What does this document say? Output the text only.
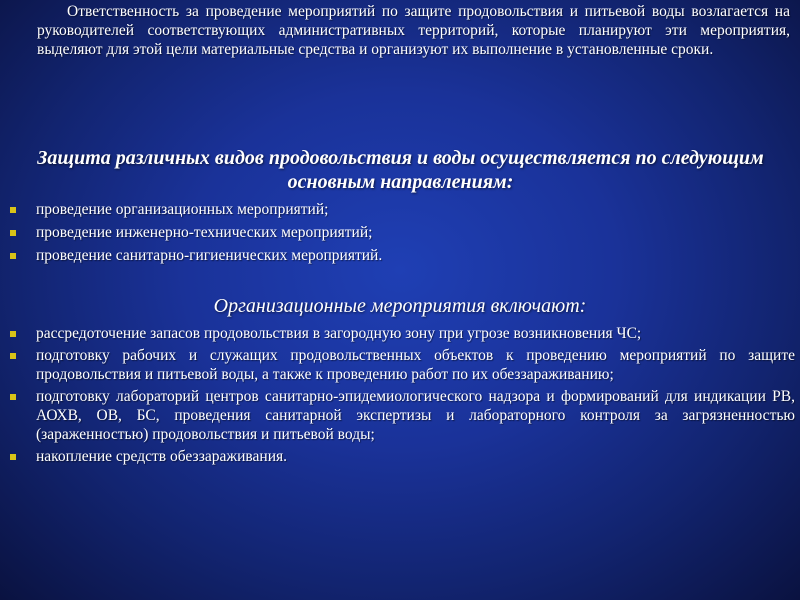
Ответственность за проведение мероприятий по защите продовольствия и питьевой воды возлагается на руководителей соответствующих административных территорий, которые планируют эти мероприятия, выделяют для этой цели материальные средства и организуют их выполнение в установленные сроки.

Защита различных видов продовольствия и воды осуществляется по следующим основным направлениям:

проведение организационных мероприятий;
проведение инженерно-технических мероприятий;
проведение санитарно-гигиенических мероприятий.

Организационные мероприятия включают:

рассредоточение запасов продовольствия в загородную зону при угрозе возникновения ЧС;
подготовку рабочих и служащих продовольственных объектов к проведению мероприятий по защите продовольствия и питьевой воды, а также к проведению работ по их обеззараживанию;
подготовку лабораторий центров санитарно-эпидемиологического надзора и формирований для индикации РВ, АОХВ, ОВ, БС, проведения санитарной экспертизы и лабораторного контроля за загрязненностью (зараженностью) продовольствия и питьевой воды;
накопление средств обеззараживания.
